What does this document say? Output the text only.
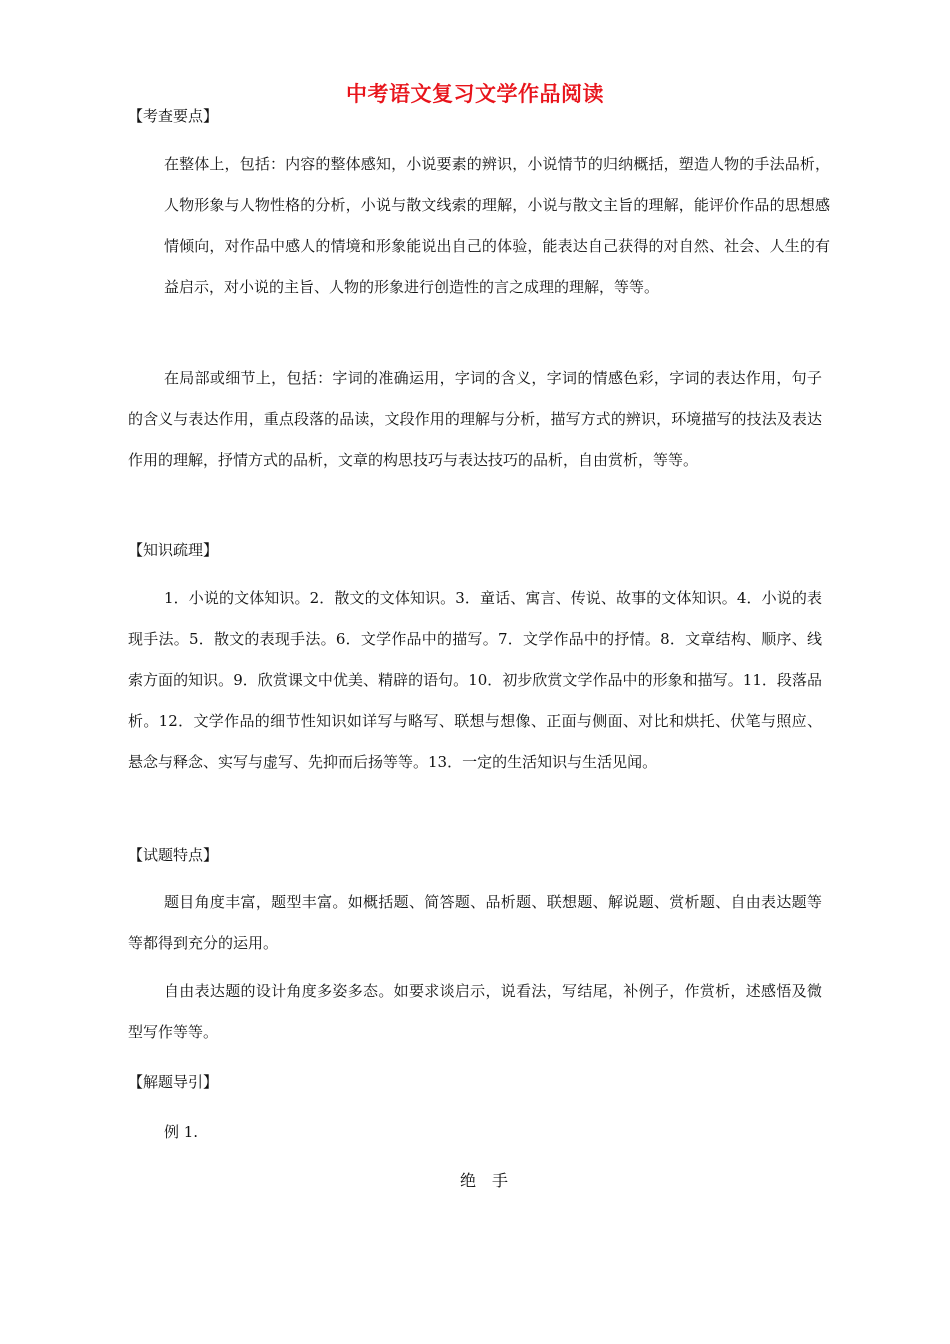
中考语文复习文学作品阅读
【考查要点】

在整体上，包括：内容的整体感知，小说要素的辨识，小说情节的归纳概括，塑造人物的手法品析，人物形象与人物性格的分析，小说与散文线索的理解，小说与散文主旨的理解，能评价作品的思想感情倾向，对作品中感人的情境和形象能说出自己的体验，能表达自己获得的对自然、社会、人生的有益启示，对小说的主旨、人物的形象进行创造性的言之成理的理解，等等。

在局部或细节上，包括：字词的准确运用，字词的含义，字词的情感色彩，字词的表达作用，句子的含义与表达作用，重点段落的品读，文段作用的理解与分析，描写方式的辨识，环境描写的技法及表达作用的理解，抒情方式的品析，文章的构思技巧与表达技巧的品析，自由赏析，等等。

【知识疏理】

1．小说的文体知识。2．散文的文体知识。3．童话、寓言、传说、故事的文体知识。4．小说的表现手法。5．散文的表现手法。6．文学作品中的描写。7．文学作品中的抒情。8．文章结构、顺序、线索方面的知识。9．欣赏课文中优美、精辟的语句。10．初步欣赏文学作品中的形象和描写。11．段落品析。12．文学作品的细节性知识如详写与略写、联想与想像、正面与侧面、对比和烘托、伏笔与照应、悬念与释念、实写与虚写、先抑而后扬等等。13．一定的生活知识与生活见闻。

【试题特点】

题目角度丰富，题型丰富。如概括题、简答题、品析题、联想题、解说题、赏析题、自由表达题等等都得到充分的运用。

自由表达题的设计角度多姿多态。如要求谈启示，说看法，写结尾，补例子，作赏析，述感悟及微型写作等等。

【解题导引】
例 1.
绝手
